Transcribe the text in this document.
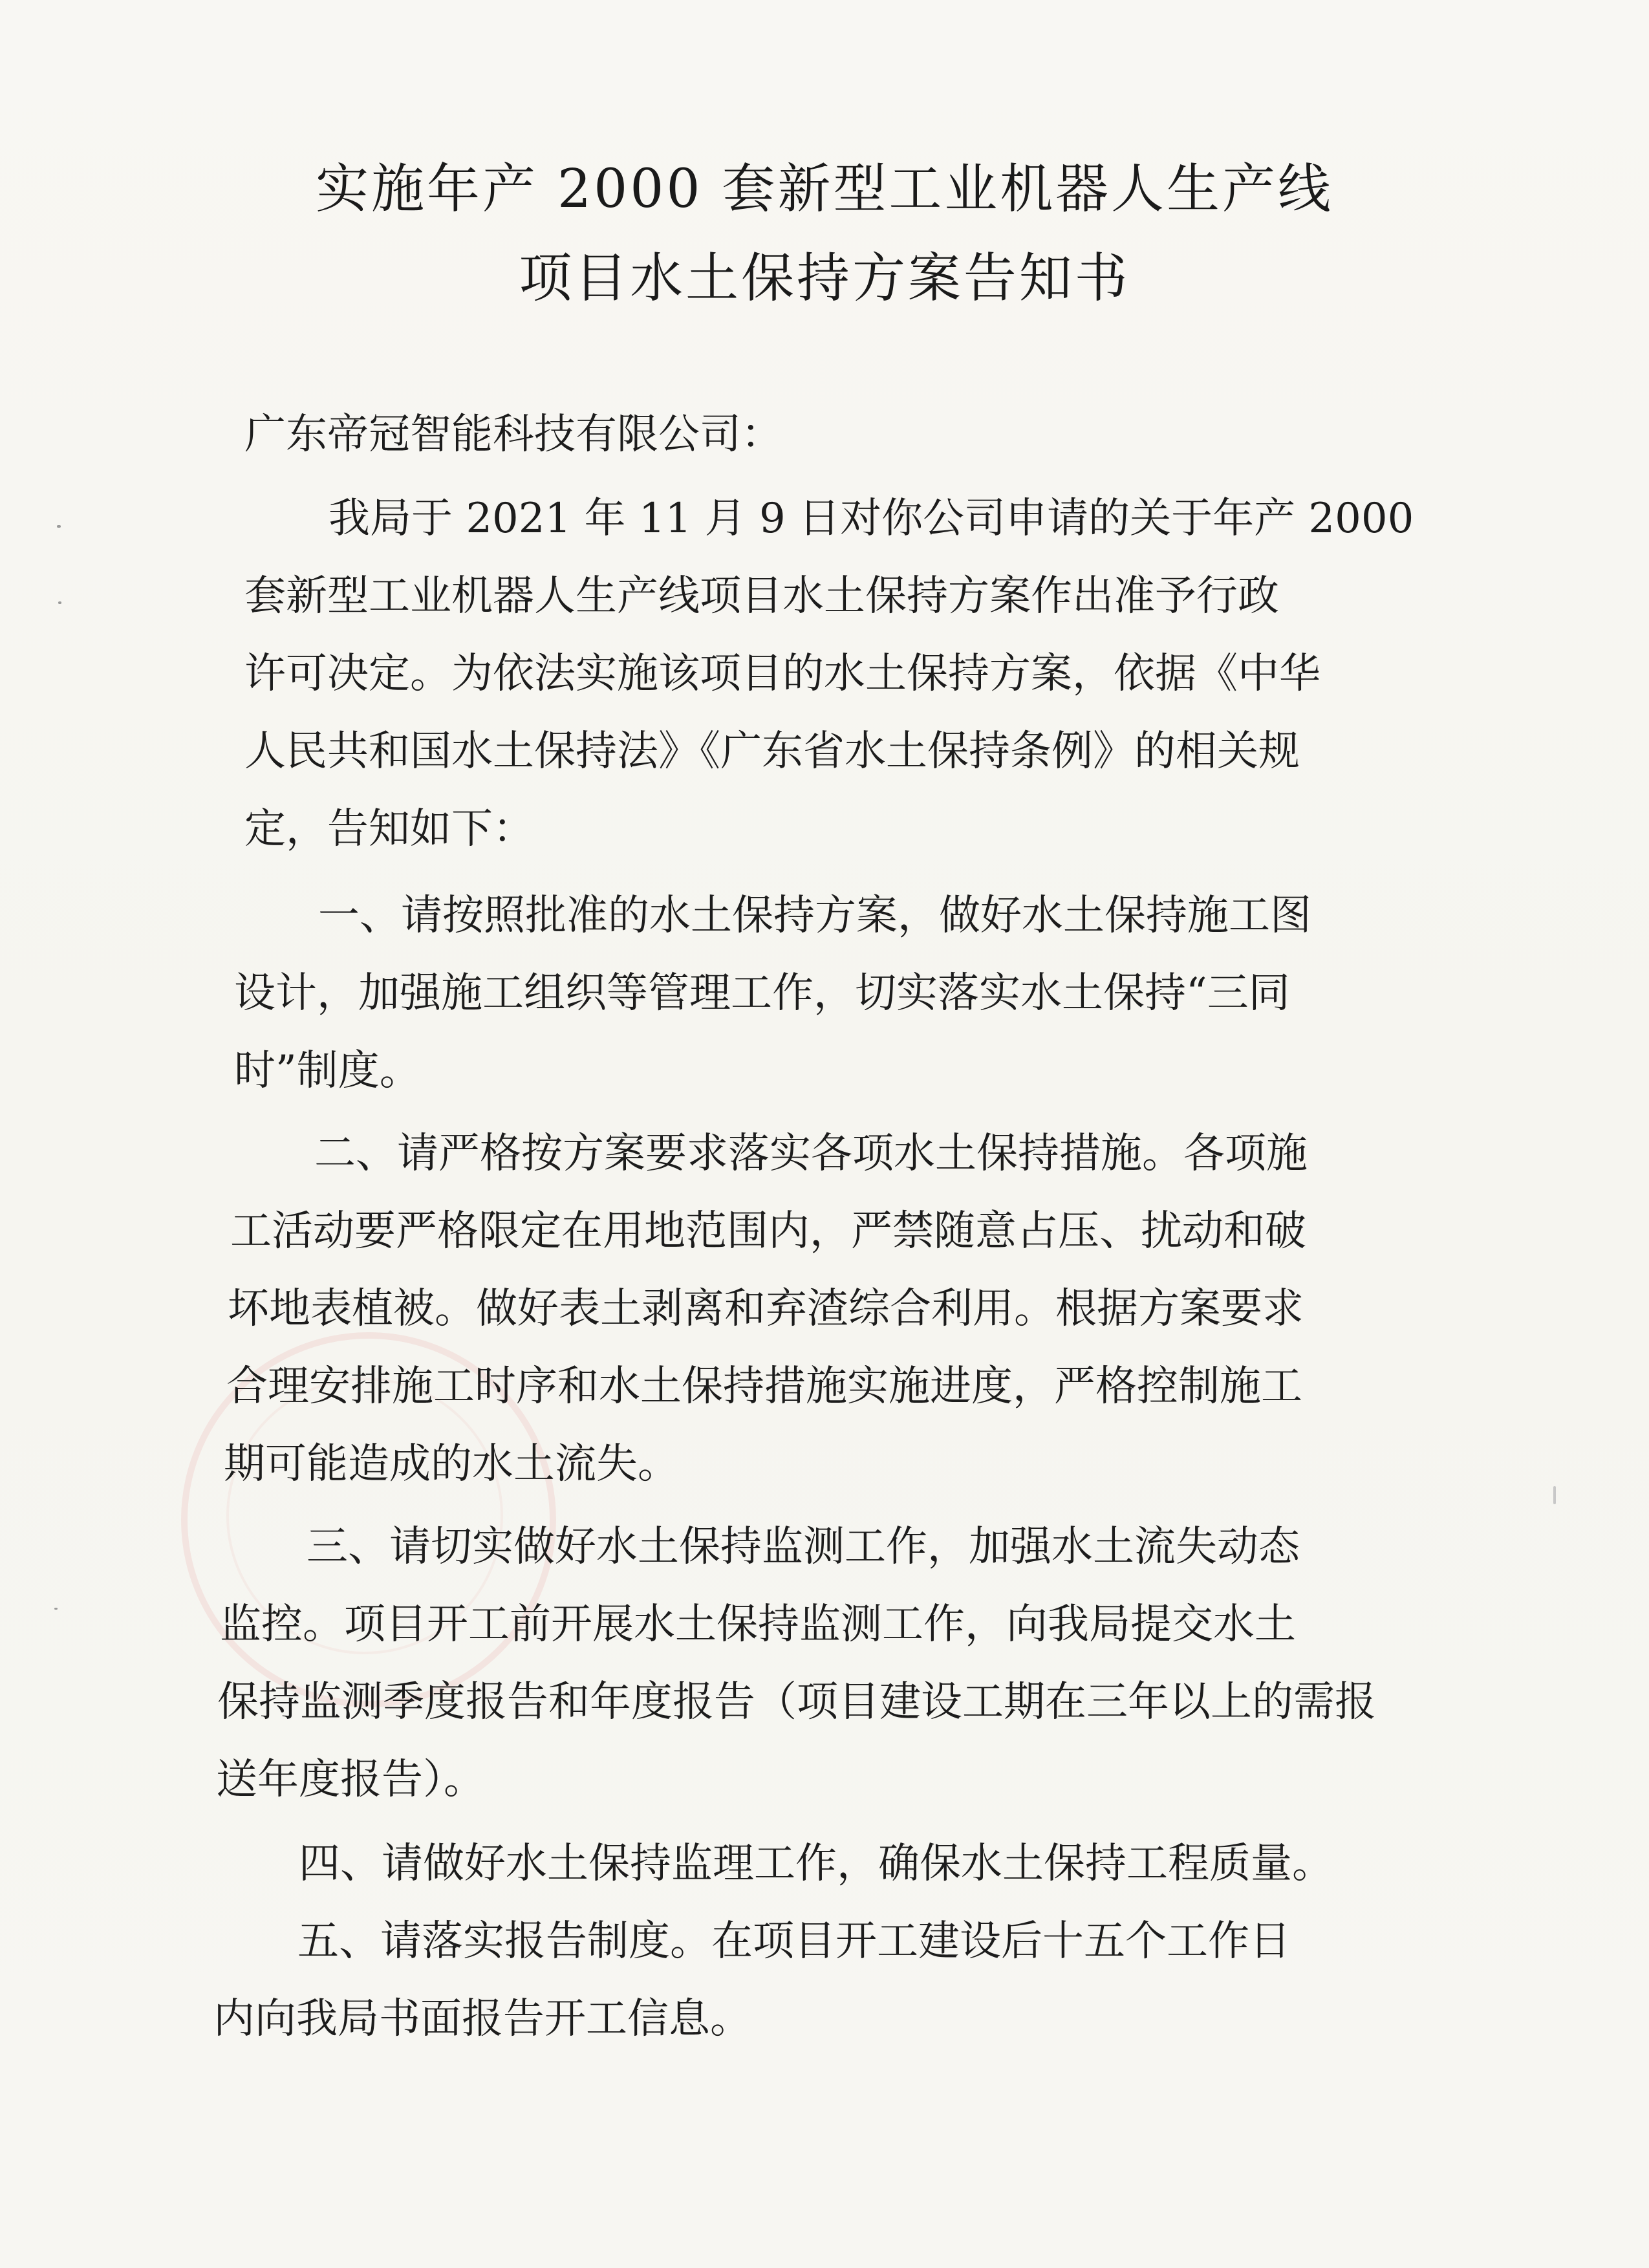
实施年产 2000 套新型工业机器人生产线
项目水土保持方案告知书
广东帝冠智能科技有限公司：
我局于 2021 年 11 月 9 日对你公司申请的关于年产 2000
套新型工业机器人生产线项目水土保持方案作出准予行政
许可决定。为依法实施该项目的水土保持方案，依据《中华
人民共和国水土保持法》《广东省水土保持条例》的相关规
定，告知如下：
一、请按照批准的水土保持方案，做好水土保持施工图
设计，加强施工组织等管理工作，切实落实水土保持“三同
时”制度。
二、请严格按方案要求落实各项水土保持措施。各项施
工活动要严格限定在用地范围内，严禁随意占压、扰动和破
坏地表植被。做好表土剥离和弃渣综合利用。根据方案要求
合理安排施工时序和水土保持措施实施进度，严格控制施工
期可能造成的水土流失。
三、请切实做好水土保持监测工作，加强水土流失动态
监控。项目开工前开展水土保持监测工作，向我局提交水土
保持监测季度报告和年度报告（项目建设工期在三年以上的需报
送年度报告）。
四、请做好水土保持监理工作，确保水土保持工程质量。
五、请落实报告制度。在项目开工建设后十五个工作日
内向我局书面报告开工信息。
